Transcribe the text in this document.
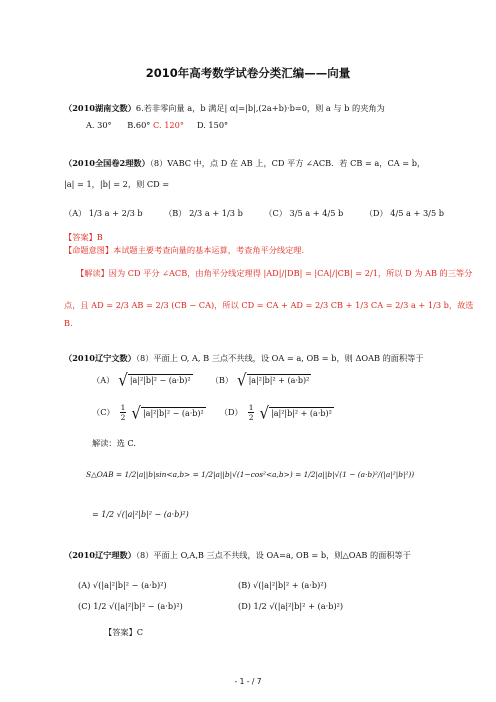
2010年高考数学试卷分类汇编——向量
（2010湖南文数）6.若非零向量 a，b 满足| α|=|b|,(2a+b)·b=0，则 a 与 b 的夹角为
A. 30° B.60° C. 120° D. 150°
（2010全国卷2理数）（8）VABC 中，点 D 在 AB 上，CD 平方 ∠ACB．若 CB = a，CA = b，
|a| = 1，|b| = 2，则 CD =
（A） 1/3 a + 2/3 b	（B） 2/3 a + 1/3 b	（C） 3/5 a + 4/5 b	（D） 4/5 a + 3/5 b
【答案】B
【命题意图】本试题主要考查向量的基本运算，考查角平分线定理.
【解读】因为 CD 平分 ∠ACB，由角平分线定理得 |AD|/|DB| = |CA|/|CB| = 2/1，所以 D 为 AB 的三等分
点，且 AD = 2/3 AB = 2/3 (CB − CA)，所以 CD = CA + AD = 2/3 CB + 1/3 CA = 2/3 a + 1/3 b，故选
B.
（2010辽宁文数）（8）平面上 O, A, B 三点不共线，设 OA = a, OB = b，则 ΔOAB 的面积等于
（A） √ |a|²|b|² − (a·b)² （B） √ |a|²|b|² + (a·b)²
$(C) \frac{1}{2}$ √ |a|²|b|² − (a·b)² $(D) \frac{1}{2}$ √ |a|²|b|² + (a·b)²
解读：选 C.
S△OAB = 1/2|a||b|sin<a,b> = 1/2|a||b|√(1−cos²<a,b>) = 1/2|a||b|√(1 − (a·b)²/(|a|²|b|²))
= 1/2 √(|a|²|b|² − (a·b)²)
（2010辽宁理数）（8）平面上 O,A,B 三点不共线，设 OA=a, OB = b，则△OAB 的面积等于
(A) √(|a|²|b|² − (a·b)²)	(B) √(|a|²|b|² + (a·b)²)
(C) 1/2 √(|a|²|b|² − (a·b)²)	(D) 1/2 √(|a|²|b|² + (a·b)²)
【答案】C
- 1 - / 7
